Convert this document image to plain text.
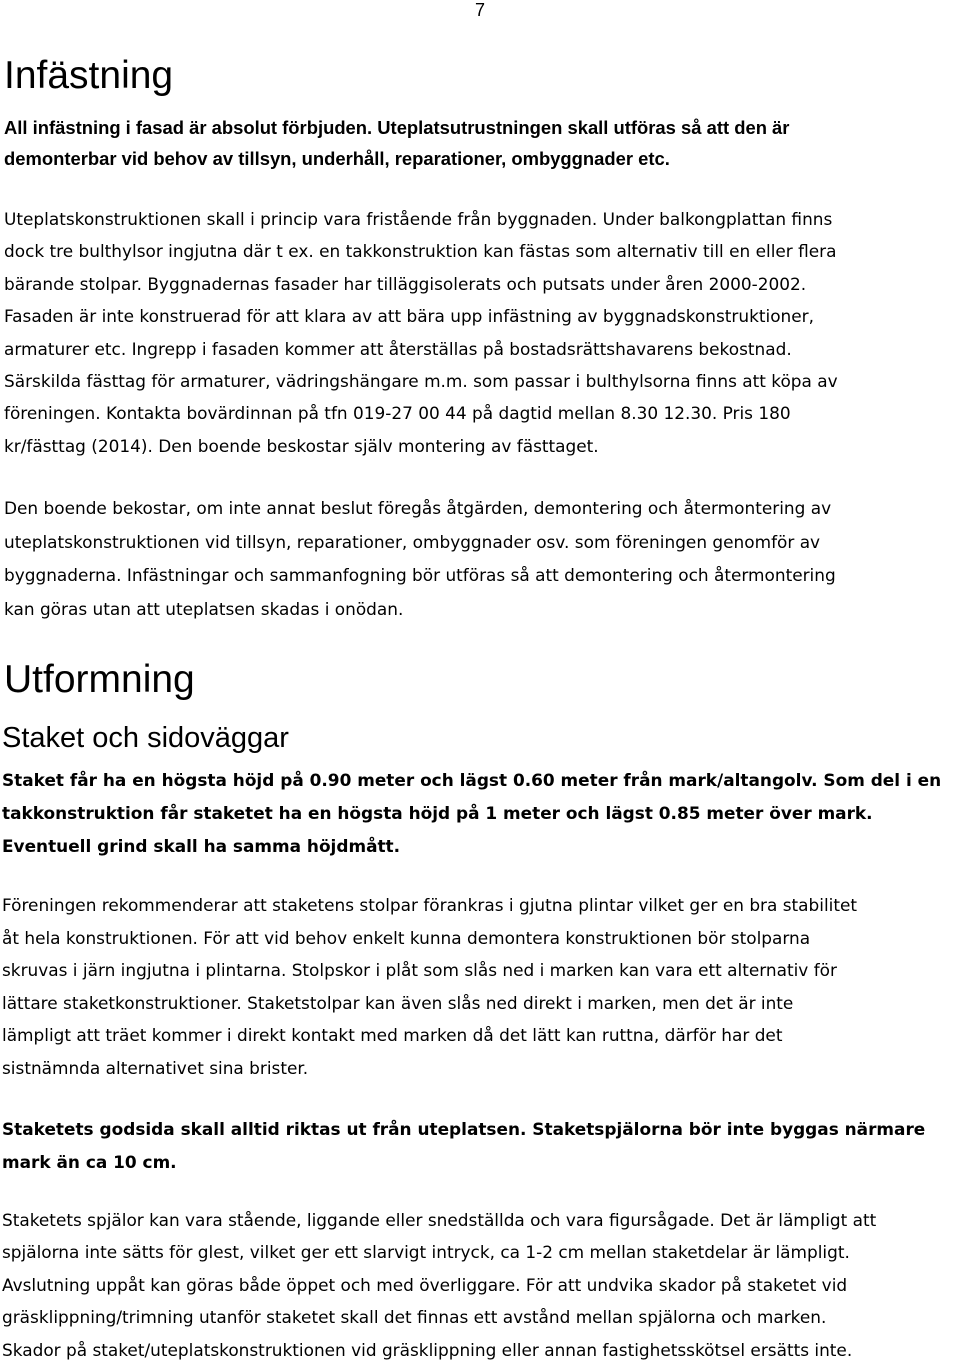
7
Infästning

All infästning i fasad är absolut förbjuden. Uteplatsutrustningen skall utföras så att den är
demonterbar vid behov av tillsyn, underhåll, reparationer, ombyggnader etc.

Uteplatskonstruktionen skall i princip vara fristående från byggnaden. Under balkongplattan finns
dock tre bulthylsor ingjutna där t ex. en takkonstruktion kan fästas som alternativ till en eller flera
bärande stolpar. Byggnadernas fasader har tilläggisolerats och putsats under åren 2000-2002.
Fasaden är inte konstruerad för att klara av att bära upp infästning av byggnadskonstruktioner,
armaturer etc. Ingrepp i fasaden kommer att återställas på bostadsrättshavarens bekostnad.
Särskilda fästtag för armaturer, vädringshängare m.m. som passar i bulthylsorna finns att köpa av
föreningen. Kontakta bovärdinnan på tfn 019-27 00 44 på dagtid mellan 8.30 12.30. Pris 180
kr/fästtag (2014). Den boende beskostar själv montering av fästtaget.

Den boende bekostar, om inte annat beslut föregås åtgärden, demontering och återmontering av
uteplatskonstruktionen vid tillsyn, reparationer, ombyggnader osv. som föreningen genomför av
byggnaderna. Infästningar och sammanfogning bör utföras så att demontering och återmontering
kan göras utan att uteplatsen skadas i onödan.

Utformning
Staket och sidoväggar

Staket får ha en högsta höjd på 0.90 meter och lägst 0.60 meter från mark/altangolv. Som del i en
takkonstruktion får staketet ha en högsta höjd på 1 meter och lägst 0.85 meter över mark.
Eventuell grind skall ha samma höjdmått.

Föreningen rekommenderar att staketens stolpar förankras i gjutna plintar vilket ger en bra stabilitet
åt hela konstruktionen. För att vid behov enkelt kunna demontera konstruktionen bör stolparna
skruvas i järn ingjutna i plintarna. Stolpskor i plåt som slås ned i marken kan vara ett alternativ för
lättare staketkonstruktioner. Staketstolpar kan även slås ned direkt i marken, men det är inte
lämpligt att träet kommer i direkt kontakt med marken då det lätt kan ruttna, därför har det
sistnämnda alternativet sina brister.

Staketets godsida skall alltid riktas ut från uteplatsen. Staketspjälorna bör inte byggas närmare
mark än ca 10 cm.

Staketets spjälor kan vara stående, liggande eller snedställda och vara figursågade. Det är lämpligt att
spjälorna inte sätts för glest, vilket ger ett slarvigt intryck, ca 1-2 cm mellan staketdelar är lämpligt.
Avslutning uppåt kan göras både öppet och med överliggare. För att undvika skador på staketet vid
gräsklippning/trimning utanför staketet skall det finnas ett avstånd mellan spjälorna och marken.
Skador på staket/uteplatskonstruktionen vid gräsklippning eller annan fastighetsskötsel ersätts inte.
